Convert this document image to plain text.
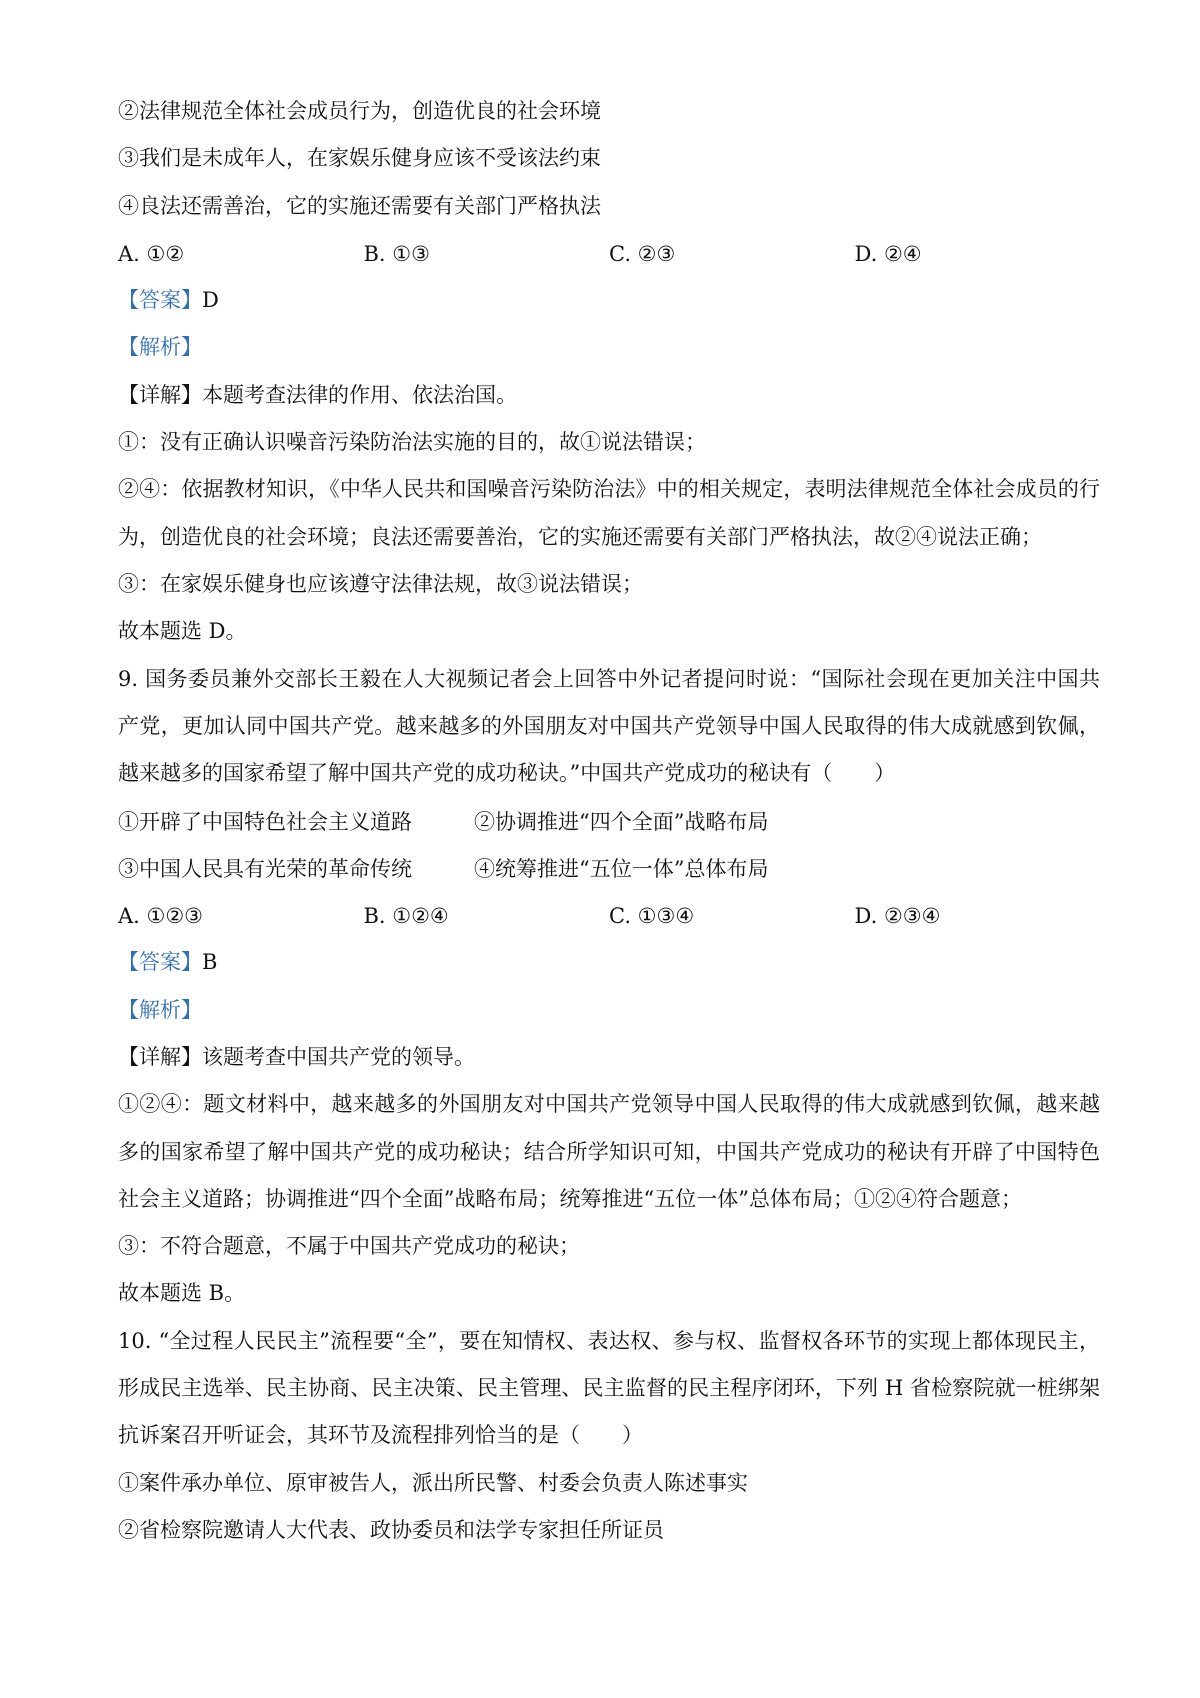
②法律规范全体社会成员行为，创造优良的社会环境

③我们是未成年人，在家娱乐健身应该不受该法约束

④良法还需善治，它的实施还需要有关部门严格执法

A. ①②	B. ①③	C. ②③	D. ②④

【答案】D

【解析】

【详解】本题考查法律的作用、依法治国。

①：没有正确认识噪音污染防治法实施的目的，故①说法错误；

②④：依据教材知识，《中华人民共和国噪音污染防治法》中的相关规定，表明法律规范全体社会成员的行为，创造优良的社会环境；良法还需要善治，它的实施还需要有关部门严格执法，故②④说法正确；

③：在家娱乐健身也应该遵守法律法规，故③说法错误；

故本题选 D。

9. 国务委员兼外交部长王毅在人大视频记者会上回答中外记者提问时说：“国际社会现在更加关注中国共产党，更加认同中国共产党。越来越多的外国朋友对中国共产党领导中国人民取得的伟大成就感到钦佩，越来越多的国家希望了解中国共产党的成功秘诀。”中国共产党成功的秘诀有（　　）

①开辟了中国特色社会主义道路	②协调推进“四个全面”战略布局
③中国人民具有光荣的革命传统	④统筹推进“五位一体”总体布局
A. ①②③	B. ①②④	C. ①③④	D. ②③④

【答案】B

【解析】

【详解】该题考查中国共产党的领导。

①②④：题文材料中，越来越多的外国朋友对中国共产党领导中国人民取得的伟大成就感到钦佩，越来越多的国家希望了解中国共产党的成功秘诀；结合所学知识可知，中国共产党成功的秘诀有开辟了中国特色社会主义道路；协调推进“四个全面”战略布局；统筹推进“五位一体”总体布局；①②④符合题意；

③：不符合题意，不属于中国共产党成功的秘诀；

故本题选 B。

10. “全过程人民民主”流程要“全”，要在知情权、表达权、参与权、监督权各环节的实现上都体现民主，形成民主选举、民主协商、民主决策、民主管理、民主监督的民主程序闭环，下列 H 省检察院就一桩绑架抗诉案召开听证会，其环节及流程排列恰当的是（　　）

①案件承办单位、原审被告人，派出所民警、村委会负责人陈述事实

②省检察院邀请人大代表、政协委员和法学专家担任所证员
